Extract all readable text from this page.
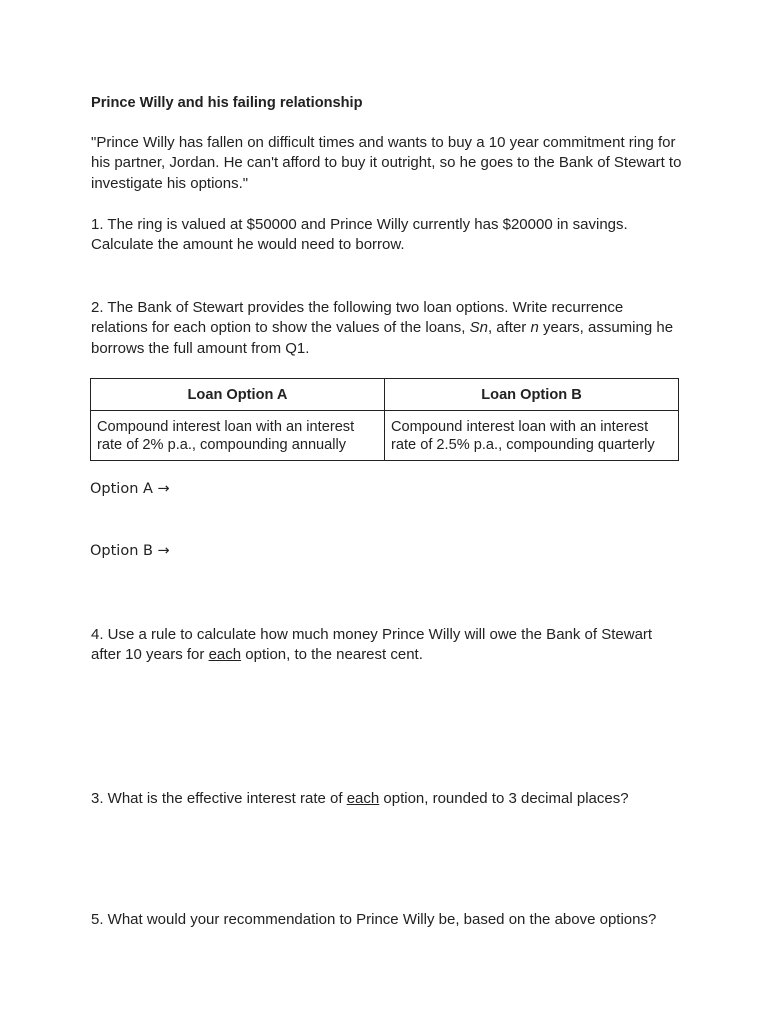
Prince Willy and his failing relationship

"Prince Willy has fallen on difficult times and wants to buy a 10 year commitment ring for his partner, Jordan. He can't afford to buy it outright, so he goes to the Bank of Stewart to investigate his options."

1. The ring is valued at $50000 and Prince Willy currently has $20000 in savings. Calculate the amount he would need to borrow.

2. The Bank of Stewart provides the following two loan options. Write recurrence relations for each option to show the values of the loans, Sn, after n years, assuming he borrows the full amount from Q1.

Loan Option A	Loan Option B
Compound interest loan with an interest rate of 2% p.a., compounding annually	Compound interest loan with an interest rate of 2.5% p.a., compounding quarterly
Option A →
Option B →

4. Use a rule to calculate how much money Prince Willy will owe the Bank of Stewart after 10 years for each option, to the nearest cent.

3. What is the effective interest rate of each option, rounded to 3 decimal places?

5. What would your recommendation to Prince Willy be, based on the above options?
